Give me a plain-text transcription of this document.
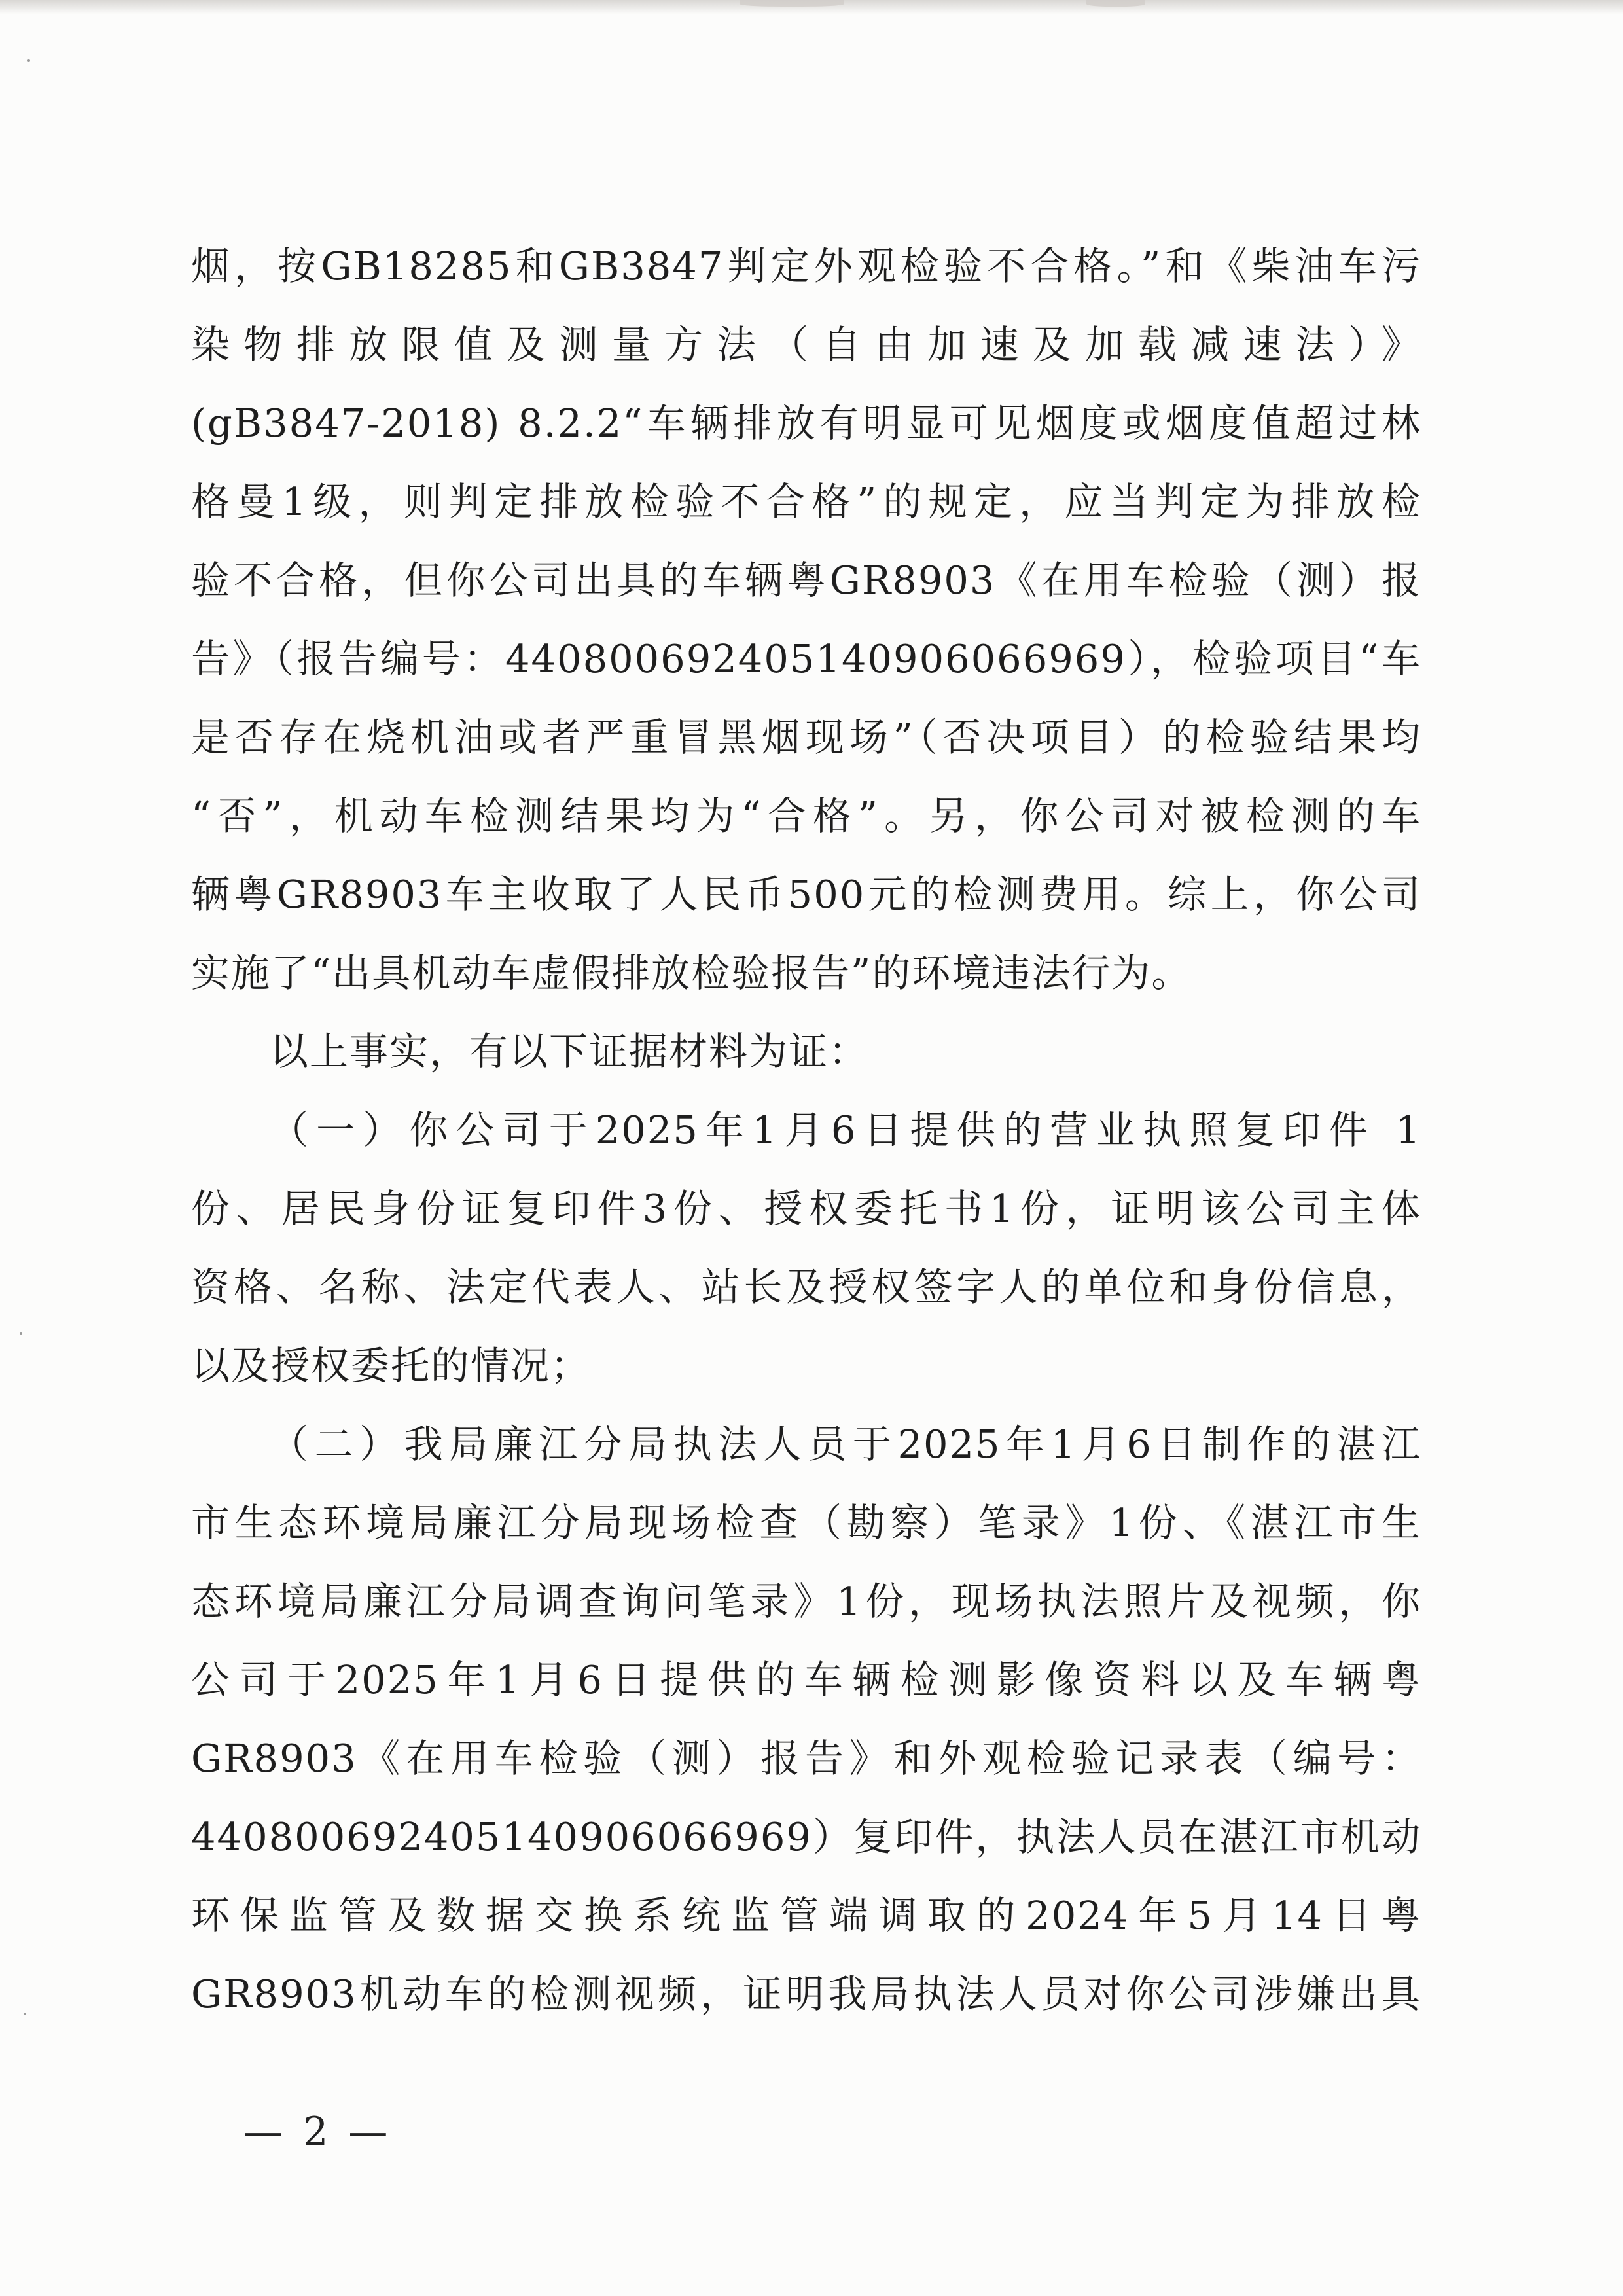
烟，按GB18285和GB3847判定外观检验不合格。”和《柴油车污
染物排放限值及测量方法（自由加速及加载减速法）》
(gB3847-2018) 8.2.2“车辆排放有明显可见烟度或烟度值超过林
格曼1级，则判定排放检验不合格”的规定，应当判定为排放检
验不合格，但你公司出具的车辆粤GR8903《在用车检验（测）报
告》（报告编号：440800692405140906066969），检验项目“车
是否存在烧机油或者严重冒黑烟现场”（否决项目）的检验结果均
“否”，机动车检测结果均为“合格”。另，你公司对被检测的车
辆粤GR8903车主收取了人民币500元的检测费用。综上，你公司
实施了“出具机动车虚假排放检验报告”的环境违法行为。
以上事实，有以下证据材料为证：
（一）你公司于2025年1月6日提供的营业执照复印件 1
份、居民身份证复印件3份、授权委托书1份，证明该公司主体
资格、名称、法定代表人、站长及授权签字人的单位和身份信息，
以及授权委托的情况；
（二）我局廉江分局执法人员于2025年1月6日制作的湛江
市生态环境局廉江分局现场检查（勘察）笔录》1份、《湛江市生
态环境局廉江分局调查询问笔录》1份，现场执法照片及视频，你
公司于2025年1月6日提供的车辆检测影像资料以及车辆粤
GR8903《在用车检验（测）报告》和外观检验记录表（编号：
440800692405140906066969）复印件，执法人员在湛江市机动
环保监管及数据交换系统监管端调取的2024年5月14日粤
GR8903机动车的检测视频，证明我局执法人员对你公司涉嫌出具
— 2 —
